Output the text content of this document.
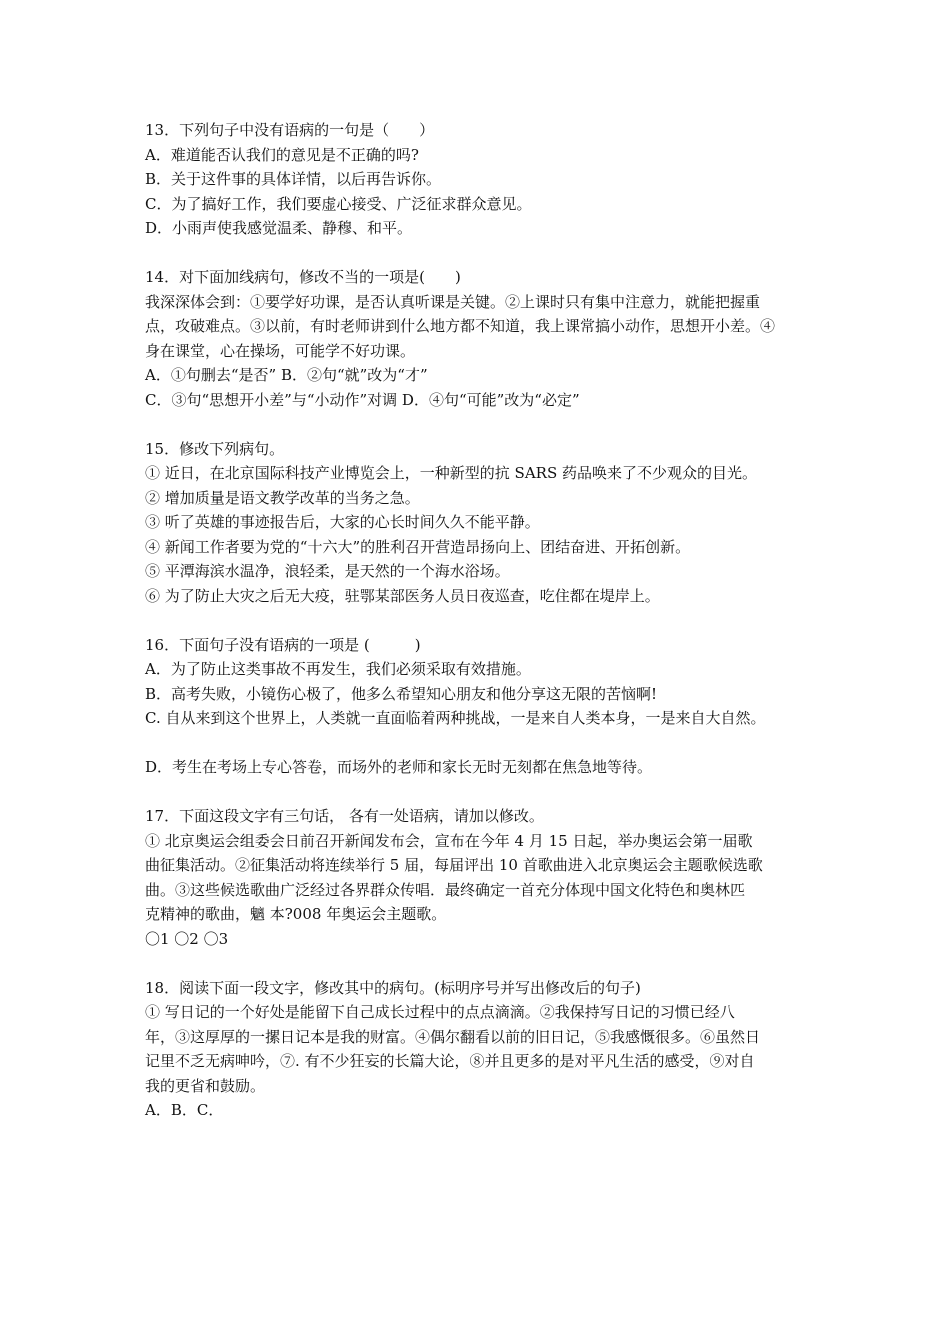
13．下列句子中没有语病的一句是（　　）
A．难道能否认我们的意见是不正确的吗?
B．关于这件事的具体详情，以后再告诉你。
C．为了搞好工作，我们要虚心接受、广泛征求群众意见。
D．小雨声使我感觉温柔、静穆、和平。
14．对下面加线病句，修改不当的一项是(　　)
我深深体会到：①要学好功课，是否认真听课是关键。②上课时只有集中注意力，就能把握重
点，攻破难点。③以前，有时老师讲到什么地方都不知道，我上课常搞小动作，思想开小差。④
身在课堂，心在操场，可能学不好功课。
A．①句删去“是否” B．②句“就”改为“才”
C．③句“思想开小差”与“小动作”对调 D．④句“可能”改为“必定”
15．修改下列病句。
① 近日，在北京国际科技产业博览会上，一种新型的抗 SARS 药品唤来了不少观众的目光。
② 增加质量是语文教学改革的当务之急。
③ 听了英雄的事迹报告后，大家的心长时间久久不能平静。
④ 新闻工作者要为党的“十六大”的胜利召开营造昂扬向上、团结奋进、开拓创新。
⑤ 平潭海滨水温净，浪轻柔，是天然的一个海水浴场。
⑥ 为了防止大灾之后无大疫，驻鄂某部医务人员日夜巡查，吃住都在堤岸上。
16．下面句子没有语病的一项是 (　　　)
A．为了防止这类事故不再发生，我们必须采取有效措施。
B．高考失败，小镜伤心极了，他多么希望知心朋友和他分享这无限的苦恼啊!
C. 自从来到这个世界上，人类就一直面临着两种挑战，一是来自人类本身，一是来自大自然。
D．考生在考场上专心答卷，而场外的老师和家长无时无刻都在焦急地等待。
17．下面这段文字有三句话， 各有一处语病，请加以修改。
① 北京奥运会组委会日前召开新闻发布会，宣布在今年 4 月 15 日起，举办奥运会第一届歌
曲征集活动。②征集活动将连续举行 5 届，每届评出 10 首歌曲进入北京奥运会主题歌候选歌
曲。③这些候选歌曲广泛经过各界群众传唱．最终确定一首充分体现中国文化特色和奥林匹
克精神的歌曲，魑 本?008 年奥运会主题歌。
〇1 〇2 〇3
18．阅读下面一段文字，修改其中的病句。(标明序号并写出修改后的句子)
① 写日记的一个好处是能留下自己成长过程中的点点滴滴。②我保持写日记的习惯已经八
年，③这厚厚的一摞日记本是我的财富。④偶尔翻看以前的旧日记，⑤我感慨很多。⑥虽然日
记里不乏无病呻吟，⑦. 有不少狂妄的长篇大论，⑧并且更多的是对平凡生活的感受，⑨对自
我的更省和鼓励。
A．B．C．
